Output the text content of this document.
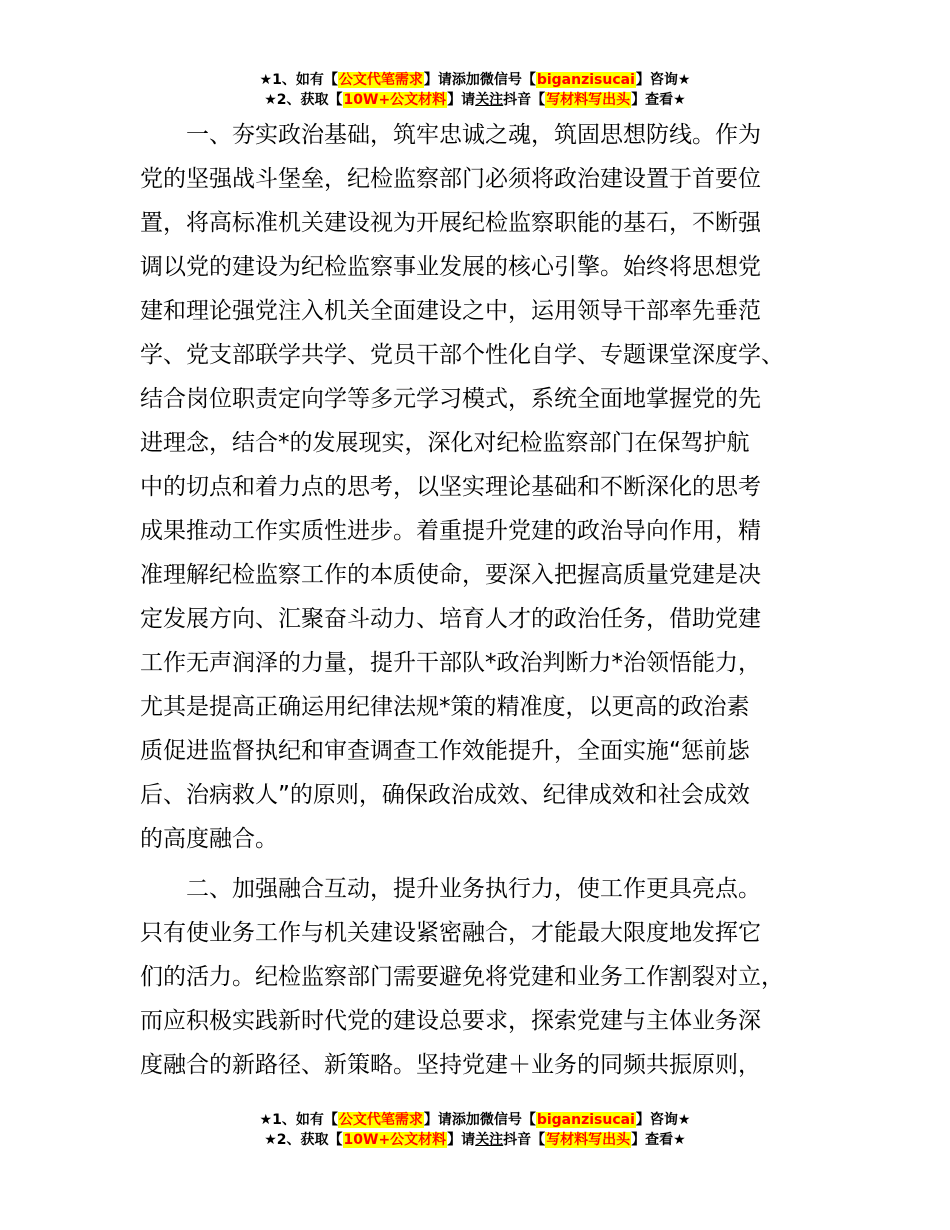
★1、如有【公文代笔需求】请添加微信号【biganzisucai】咨询★
★2、获取【10W+公文材料】请关注抖音【写材料写出头】查看★
　　一、夯实政治基础，筑牢忠诚之魂，筑固思想防线。作为
党的坚强战斗堡垒，纪检监察部门必须将政治建设置于首要位
置，将高标准机关建设视为开展纪检监察职能的基石，不断强
调以党的建设为纪检监察事业发展的核心引擎。始终将思想党
建和理论强党注入机关全面建设之中，运用领导干部率先垂范
学、党支部联学共学、党员干部个性化自学、专题课堂深度学、
结合岗位职责定向学等多元学习模式，系统全面地掌握党的先
进理念，结合*的发展现实，深化对纪检监察部门在保驾护航
中的切点和着力点的思考，以坚实理论基础和不断深化的思考
成果推动工作实质性进步。着重提升党建的政治导向作用，精
准理解纪检监察工作的本质使命，要深入把握高质量党建是决
定发展方向、汇聚奋斗动力、培育人才的政治任务，借助党建
工作无声润泽的力量，提升干部队*政治判断力*治领悟能力，
尤其是提高正确运用纪律法规*策的精准度，以更高的政治素
质促进监督执纪和审查调查工作效能提升，全面实施“惩前毖
后、治病救人”的原则，确保政治成效、纪律成效和社会成效
的高度融合。
　　二、加强融合互动，提升业务执行力，使工作更具亮点。
只有使业务工作与机关建设紧密融合，才能最大限度地发挥它
们的活力。纪检监察部门需要避免将党建和业务工作割裂对立，
而应积极实践新时代党的建设总要求，探索党建与主体业务深
度融合的新路径、新策略。坚持党建＋业务的同频共振原则，
★1、如有【公文代笔需求】请添加微信号【biganzisucai】咨询★
★2、获取【10W+公文材料】请关注抖音【写材料写出头】查看★
